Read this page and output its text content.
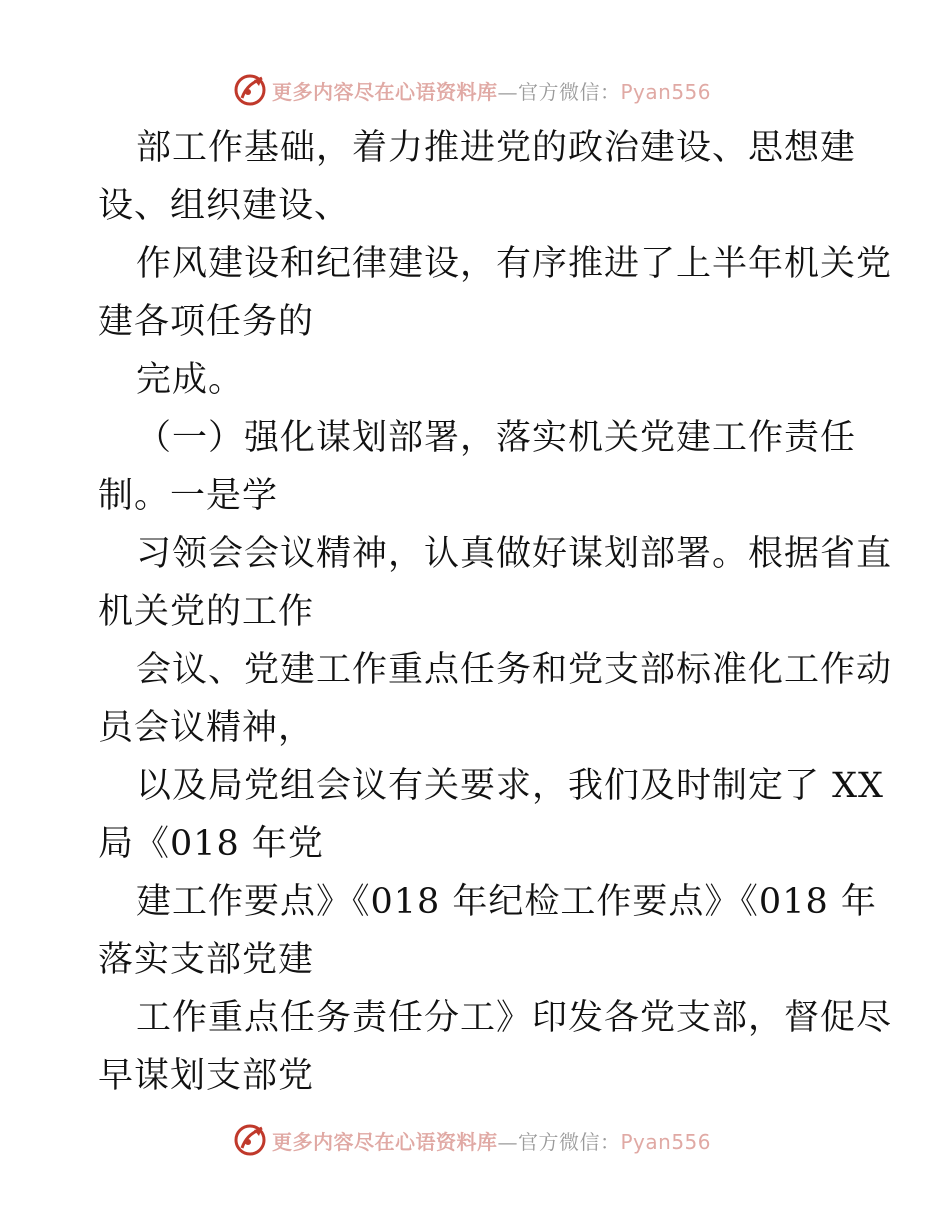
更多内容尽在心语资料库—官方微信：Pyan556
部工作基础，着力推进党的政治建设、思想建
设、组织建设、
作风建设和纪律建设，有序推进了上半年机关党
建各项任务的
完成。
（一）强化谋划部署，落实机关党建工作责任
制。一是学
习领会会议精神，认真做好谋划部署。根据省直
机关党的工作
会议、党建工作重点任务和党支部标准化工作动
员会议精神，
以及局党组会议有关要求，我们及时制定了 XX
局《018 年党
建工作要点》《018 年纪检工作要点》《018 年
落实支部党建
工作重点任务责任分工》印发各党支部，督促尽
早谋划支部党
更多内容尽在心语资料库—官方微信：Pyan556
